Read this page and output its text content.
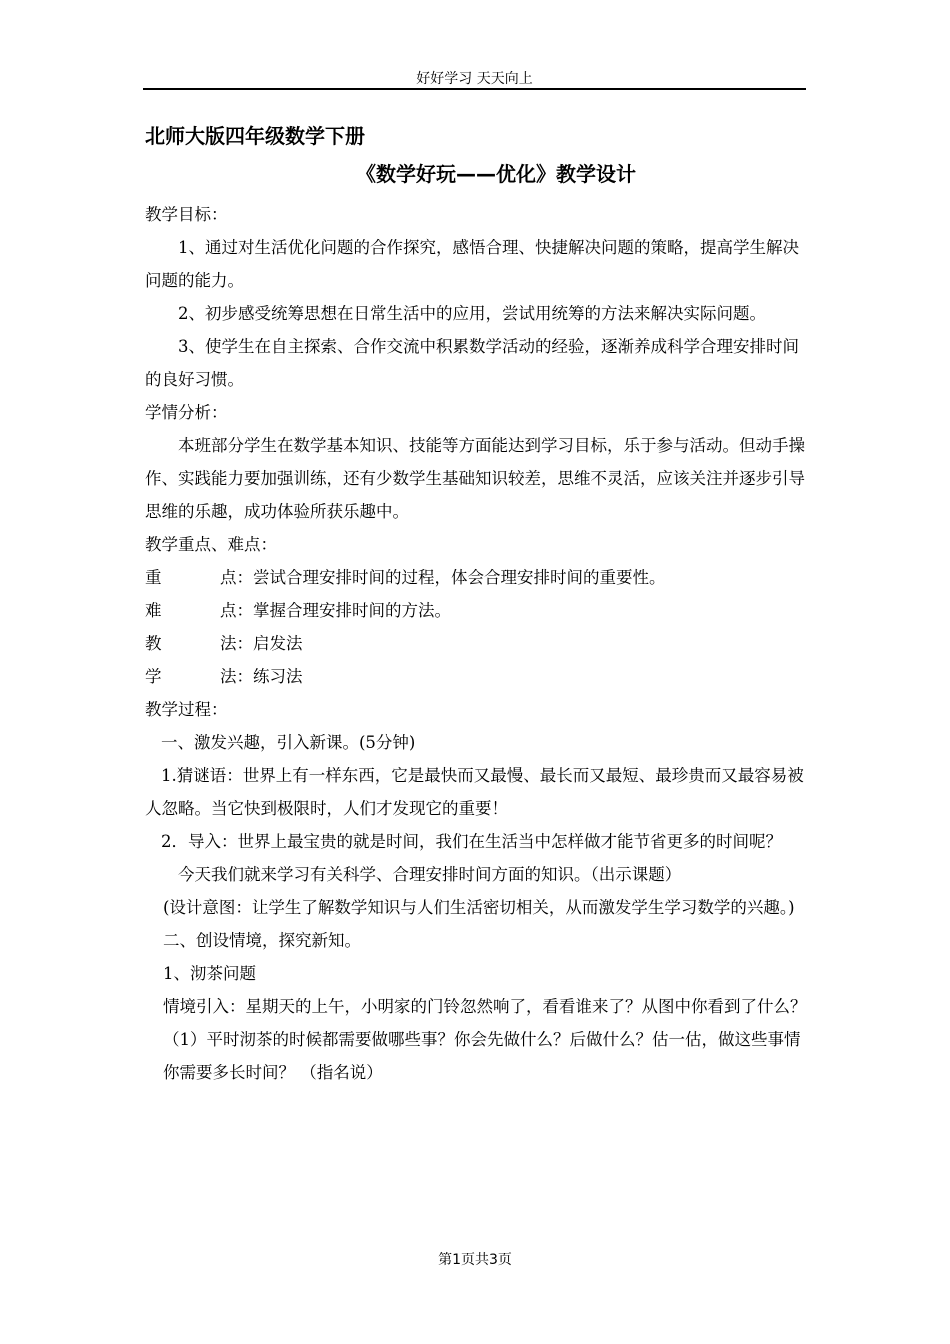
好好学习 天天向上
北师大版四年级数学下册
《数学好玩——优化》教学设计

教学目标：

1、通过对生活优化问题的合作探究，感悟合理、快捷解决问题的策略，提高学生解决问题的能力。

2、初步感受统筹思想在日常生活中的应用，尝试用统筹的方法来解决实际问题。

3、使学生在自主探索、合作交流中积累数学活动的经验，逐渐养成科学合理安排时间的良好习惯。

学情分析：

本班部分学生在数学基本知识、技能等方面能达到学习目标，乐于参与活动。但动手操作、实践能力要加强训练，还有少数学生基础知识较差，思维不灵活，应该关注并逐步引导思维的乐趣，成功体验所获乐趣中。

教学重点、难点：

重	点： 尝试合理安排时间的过程，体会合理安排时间的重要性。
难	点： 掌握合理安排时间的方法。
教	法： 启发法
学	法： 练习法

教学过程：

一、激发兴趣，引入新课。(5分钟)

1.猜谜语：世界上有一样东西，它是最快而又最慢、最长而又最短、最珍贵而又最容易被人忽略。当它快到极限时，人们才发现它的重要！

2．导入：世界上最宝贵的就是时间，我们在生活当中怎样做才能节省更多的时间呢？

今天我们就来学习有关科学、合理安排时间方面的知识。（出示课题）

(设计意图：让学生了解数学知识与人们生活密切相关，从而激发学生学习数学的兴趣。)

二、创设情境，探究新知。

1、沏茶问题

情境引入：星期天的上午，小明家的门铃忽然响了，看看谁来了？从图中你看到了什么？

（1）平时沏茶的时候都需要做哪些事？你会先做什么？后做什么？估一估，做这些事情你需要多长时间？ （指名说）

第1页共3页
